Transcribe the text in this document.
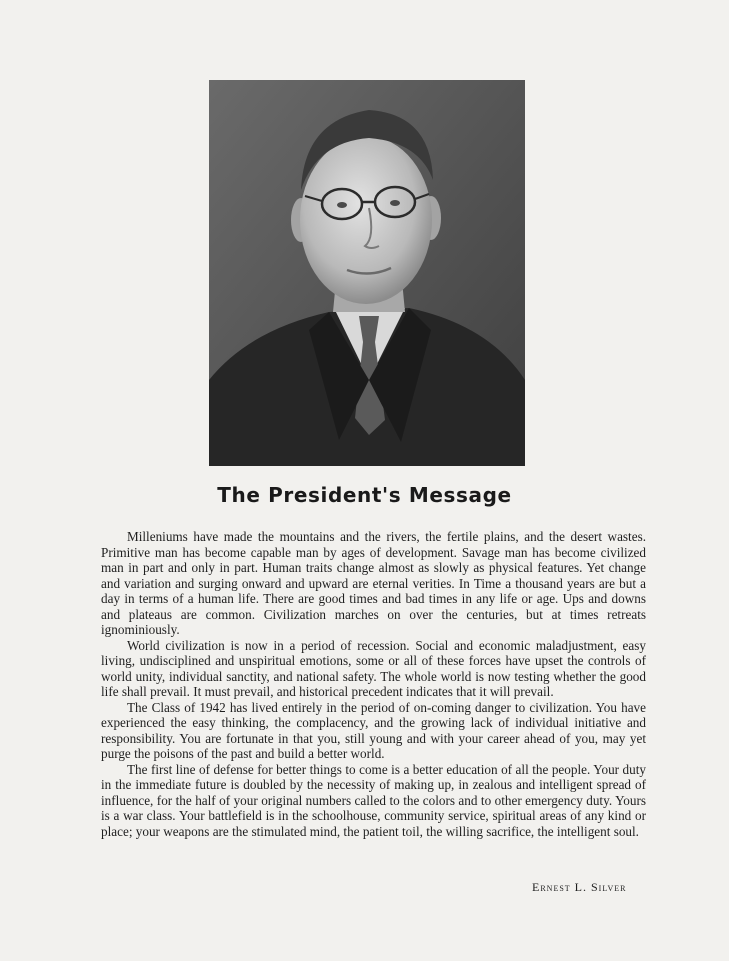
The President's Message

Milleniums have made the mountains and the rivers, the fertile plains, and the desert wastes. Primitive man has become capable man by ages of development. Savage man has become civilized man in part and only in part. Human traits change almost as slowly as physical features. Yet change and variation and surging onward and upward are eternal verities. In Time a thousand years are but a day in terms of a human life. There are good times and bad times in any life or age. Ups and downs and plateaus are common. Civilization marches on over the centuries, but at times retreats ignominiously.

World civilization is now in a period of recession. Social and economic maladjustment, easy living, undisciplined and unspiritual emotions, some or all of these forces have upset the controls of world unity, individual sanctity, and national safety. The whole world is now testing whether the good life shall prevail. It must prevail, and historical precedent indicates that it will prevail.

The Class of 1942 has lived entirely in the period of on-coming danger to civilization. You have experienced the easy thinking, the complacency, and the growing lack of individual initiative and responsibility. You are fortunate in that you, still young and with your career ahead of you, may yet purge the poisons of the past and build a better world.

The first line of defense for better things to come is a better education of all the people. Your duty in the immediate future is doubled by the necessity of making up, in zealous and intelligent spread of influence, for the half of your original numbers called to the colors and to other emergency duty. Yours is a war class. Your battlefield is in the schoolhouse, community service, spiritual areas of any kind or place; your weapons are the stimulated mind, the patient toil, the willing sacrifice, the intelligent soul.

Ernest L. Silver
